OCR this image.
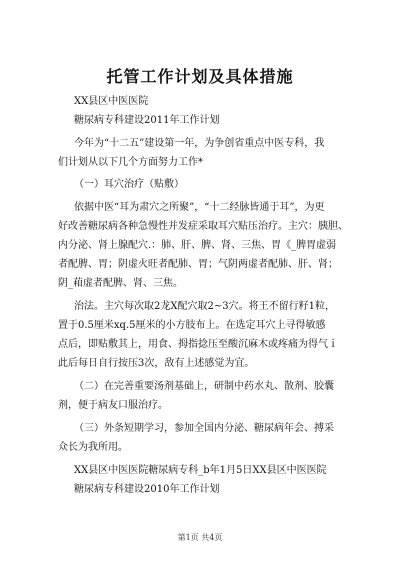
托管工作计划及具体措施
XX县区中医医院
糖尿病专科建设2011年工作计划
今年为“十二五”建设第一年，为争创省重点中医专科，我
们计划从以下几个方面努力工作*
（一）耳穴治疗（贴敷）
依据中医“耳为肃穴之所聚”，“十二经脉皆通于耳”，为更
好改善糖尿病各种急慢性并发症采取耳穴贴压治疗。主穴：胰胆、
内分泌、肾上腺配穴.：肺、肝、脾、肾、三焦、胃《_脾胃虚弱
者配脾、胃；阴虚火旺者配肺、胃；气阴两虚者配肺、肝、肾；
阴_葙虚者配脾、肾、三焦。
治法。主穴每次取2龙X配穴取2~3穴。将王不留行籽1粒，
置于0.5厘米xq.5厘米的小方肢布上。在选定耳穴上寻得敏感
点后，即贴敷其上，用食、拇指捻压至酸沉麻木或疼痛为得气ｉ
此后每日自行按压3次，敌有上述感觉为宜。
（二）在完善重要汤剂基础上，研制中药水丸、散剂、胶囊
剂，便于病友口服治疗。
（三）外条短期学习，参加全国内分泌、糖尿病年会、搏采
众长为我所用。
XX县区中医医院糖尿病专科_b年1月5日XX县区中医医院
糖尿病专科建设2010年工作计划
第1页 共4页
